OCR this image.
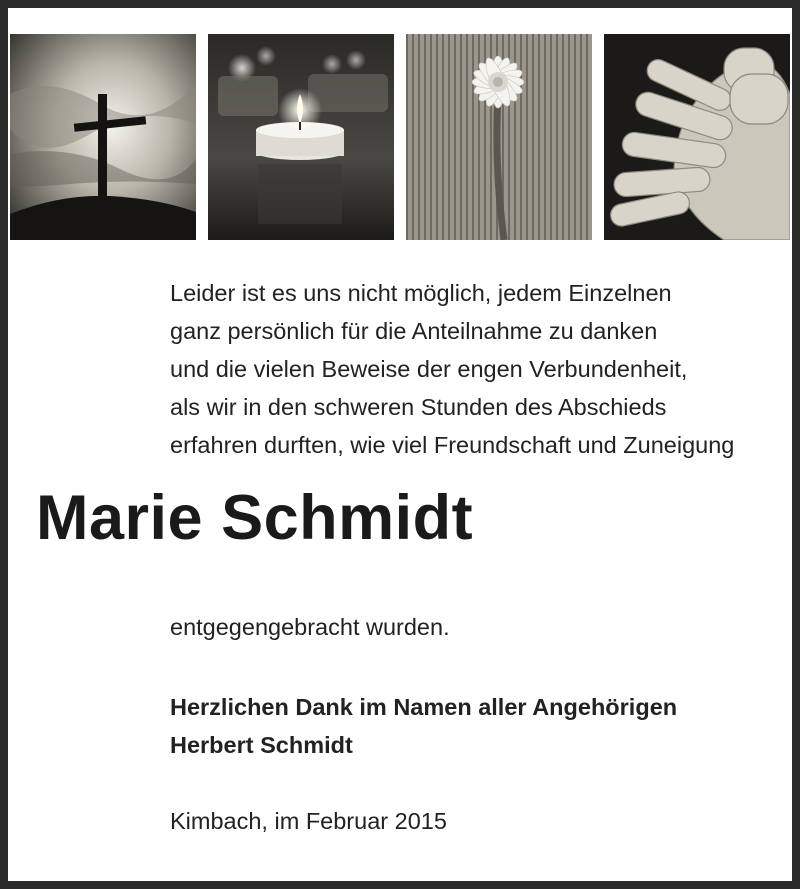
Leider ist es uns nicht möglich, jedem Einzelnen
ganz persönlich für die Anteilnahme zu danken
und die vielen Beweise der engen Verbundenheit,
als wir in den schweren Stunden des Abschieds
erfahren durften, wie viel Freundschaft und Zuneigung
Marie Schmidt
entgegengebracht wurden.
Herzlichen Dank im Namen aller Angehörigen
Herbert Schmidt
Kimbach, im Februar 2015
